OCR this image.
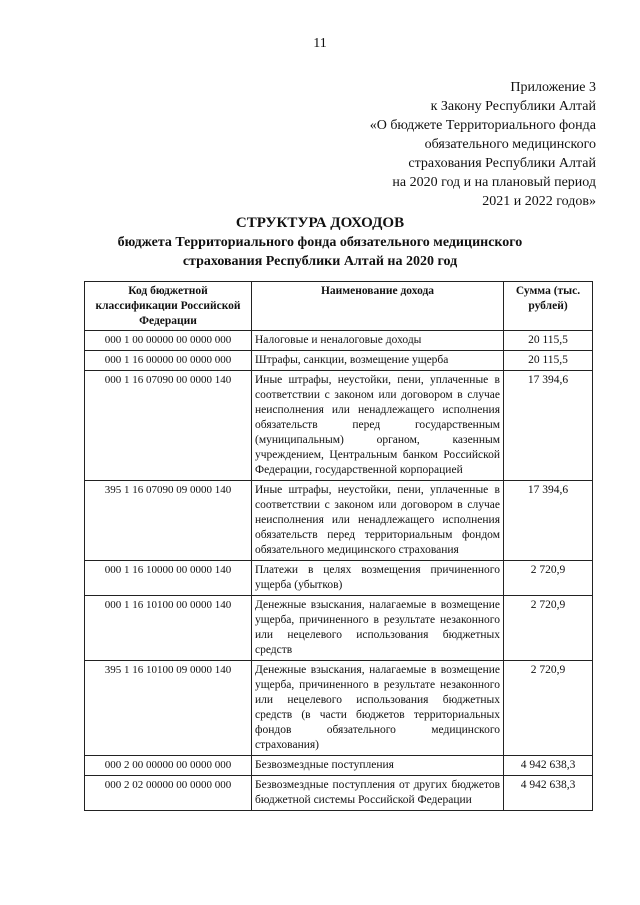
11
Приложение 3
к Закону Республики Алтай
«О бюджете Территориального фонда
обязательного медицинского
страхования Республики Алтай
на 2020 год и на плановый период
2021 и 2022 годов»
СТРУКТУРА ДОХОДОВ
бюджета Территориального фонда обязательного медицинского
страхования Республики Алтай на 2020 год
Код бюджетной классификации Российской Федерации	Наименование дохода	Сумма (тыс. рублей)
000 1 00 00000 00 0000 000	Налоговые и неналоговые доходы	20 115,5
000 1 16 00000 00 0000 000	Штрафы, санкции, возмещение ущерба	20 115,5
000 1 16 07090 00 0000 140	Иные штрафы, неустойки, пени, уплаченные в соответствии с законом или договором в случае неисполнения или ненадлежащего исполнения обязательств перед государственным (муниципальным) органом, казенным учреждением, Центральным банком Российской Федерации, государственной корпорацией	17 394,6
395 1 16 07090 09 0000 140	Иные штрафы, неустойки, пени, уплаченные в соответствии с законом или договором в случае неисполнения или ненадлежащего исполнения обязательств перед территориальным фондом обязательного медицинского страхования	17 394,6
000 1 16 10000 00 0000 140	Платежи в целях возмещения причиненного ущерба (убытков)	2 720,9
000 1 16 10100 00 0000 140	Денежные взыскания, налагаемые в возмещение ущерба, причиненного в результате незаконного или нецелевого использования бюджетных средств	2 720,9
395 1 16 10100 09 0000 140	Денежные взыскания, налагаемые в возмещение ущерба, причиненного в результате незаконного или нецелевого использования бюджетных средств (в части бюджетов территориальных фондов обязательного медицинского страхования)	2 720,9
000 2 00 00000 00 0000 000	Безвозмездные поступления	4 942 638,3
000 2 02 00000 00 0000 000	Безвозмездные поступления от других бюджетов бюджетной системы Российской Федерации	4 942 638,3
